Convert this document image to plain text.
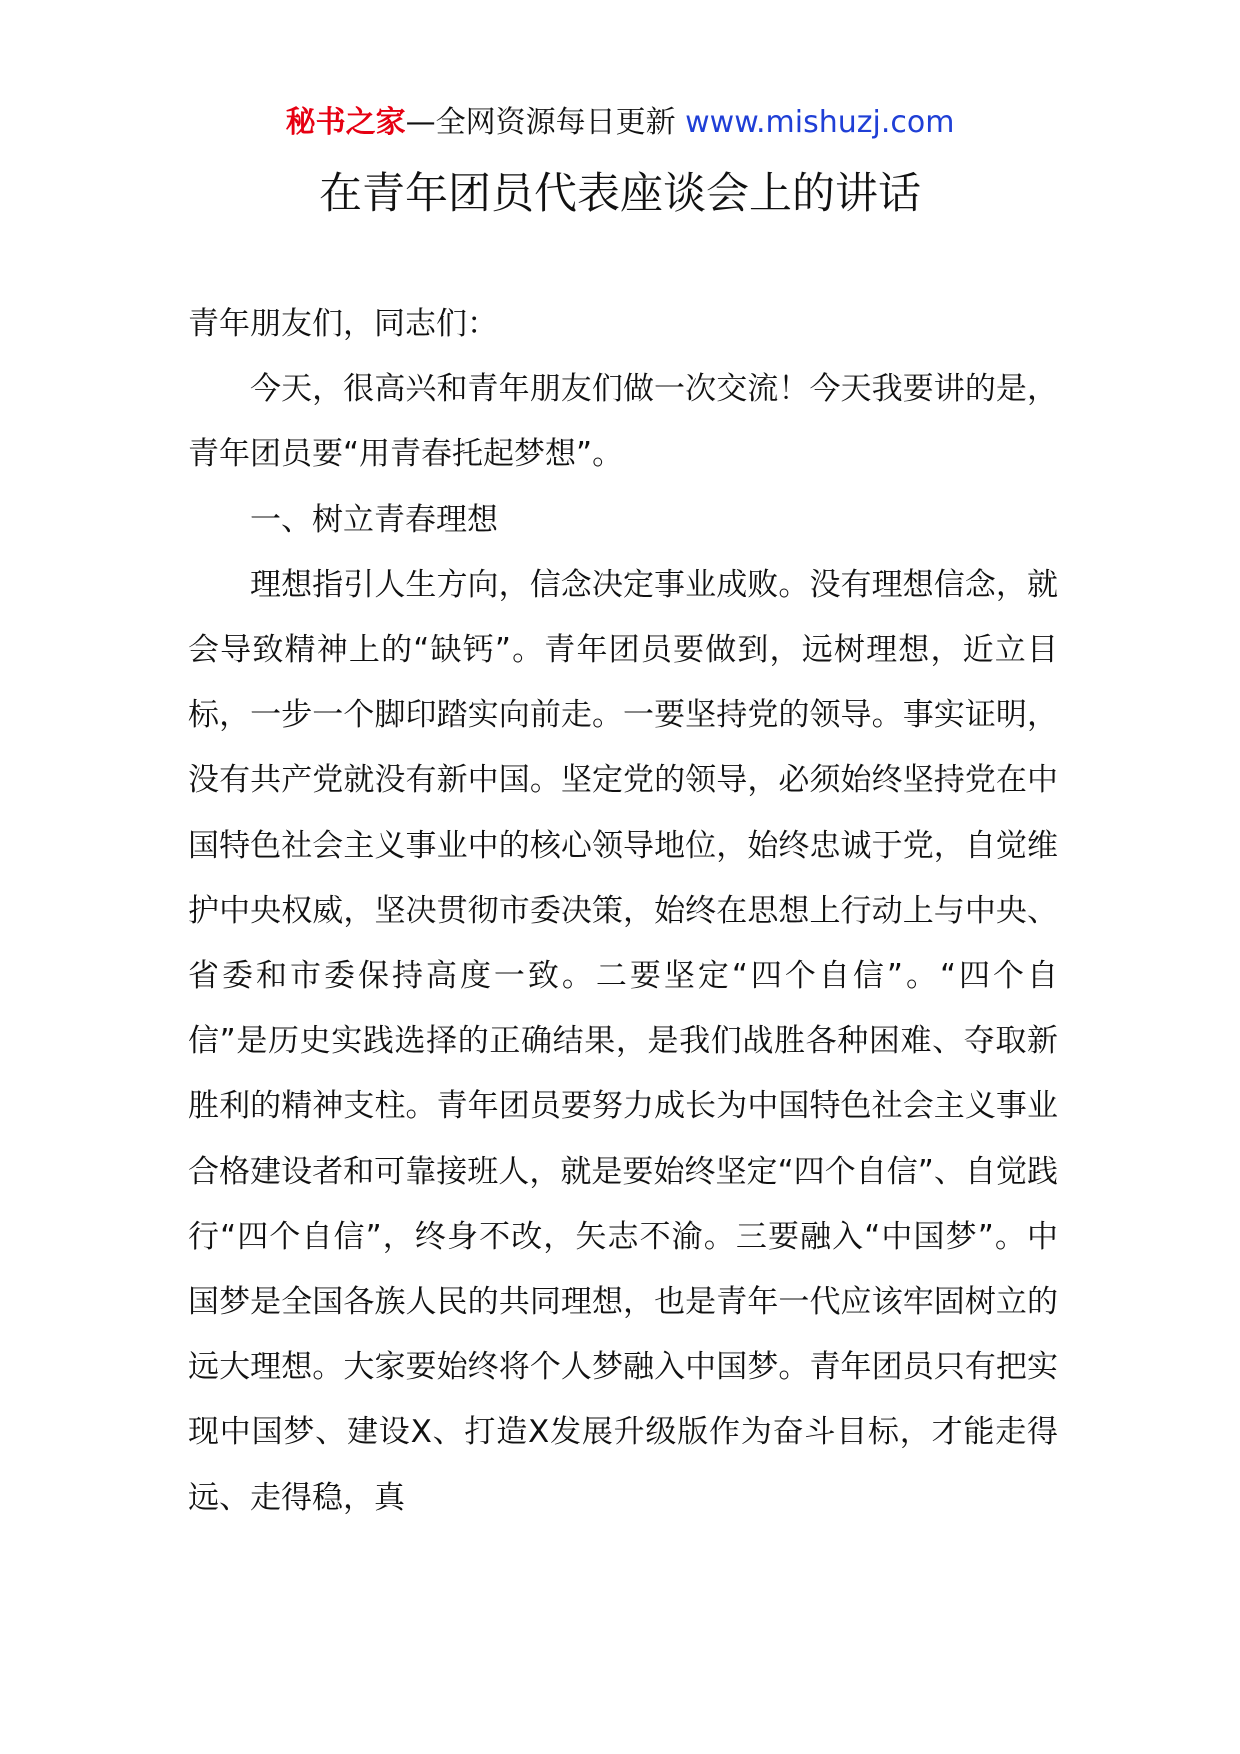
秘书之家—全网资源每日更新 www.mishuzj.com
在青年团员代表座谈会上的讲话

青年朋友们，同志们：

今天，很高兴和青年朋友们做一次交流！今天我要讲的是，青年团员要“用青春托起梦想”。

一、树立青春理想

理想指引人生方向，信念决定事业成败。没有理想信念，就会导致精神上的“缺钙”。青年团员要做到，远树理想，近立目标，一步一个脚印踏实向前走。一要坚持党的领导。事实证明，没有共产党就没有新中国。坚定党的领导，必须始终坚持党在中国特色社会主义事业中的核心领导地位，始终忠诚于党，自觉维护中央权威，坚决贯彻市委决策，始终在思想上行动上与中央、省委和市委保持高度一致。二要坚定“四个自信”。“四个自信”是历史实践选择的正确结果，是我们战胜各种困难、夺取新胜利的精神支柱。青年团员要努力成长为中国特色社会主义事业合格建设者和可靠接班人，就是要始终坚定“四个自信”、自觉践行“四个自信”，终身不改，矢志不渝。三要融入“中国梦”。中国梦是全国各族人民的共同理想，也是青年一代应该牢固树立的远大理想。大家要始终将个人梦融入中国梦。青年团员只有把实现中国梦、建设X、打造X发展升级版作为奋斗目标，才能走得远、走得稳，真
